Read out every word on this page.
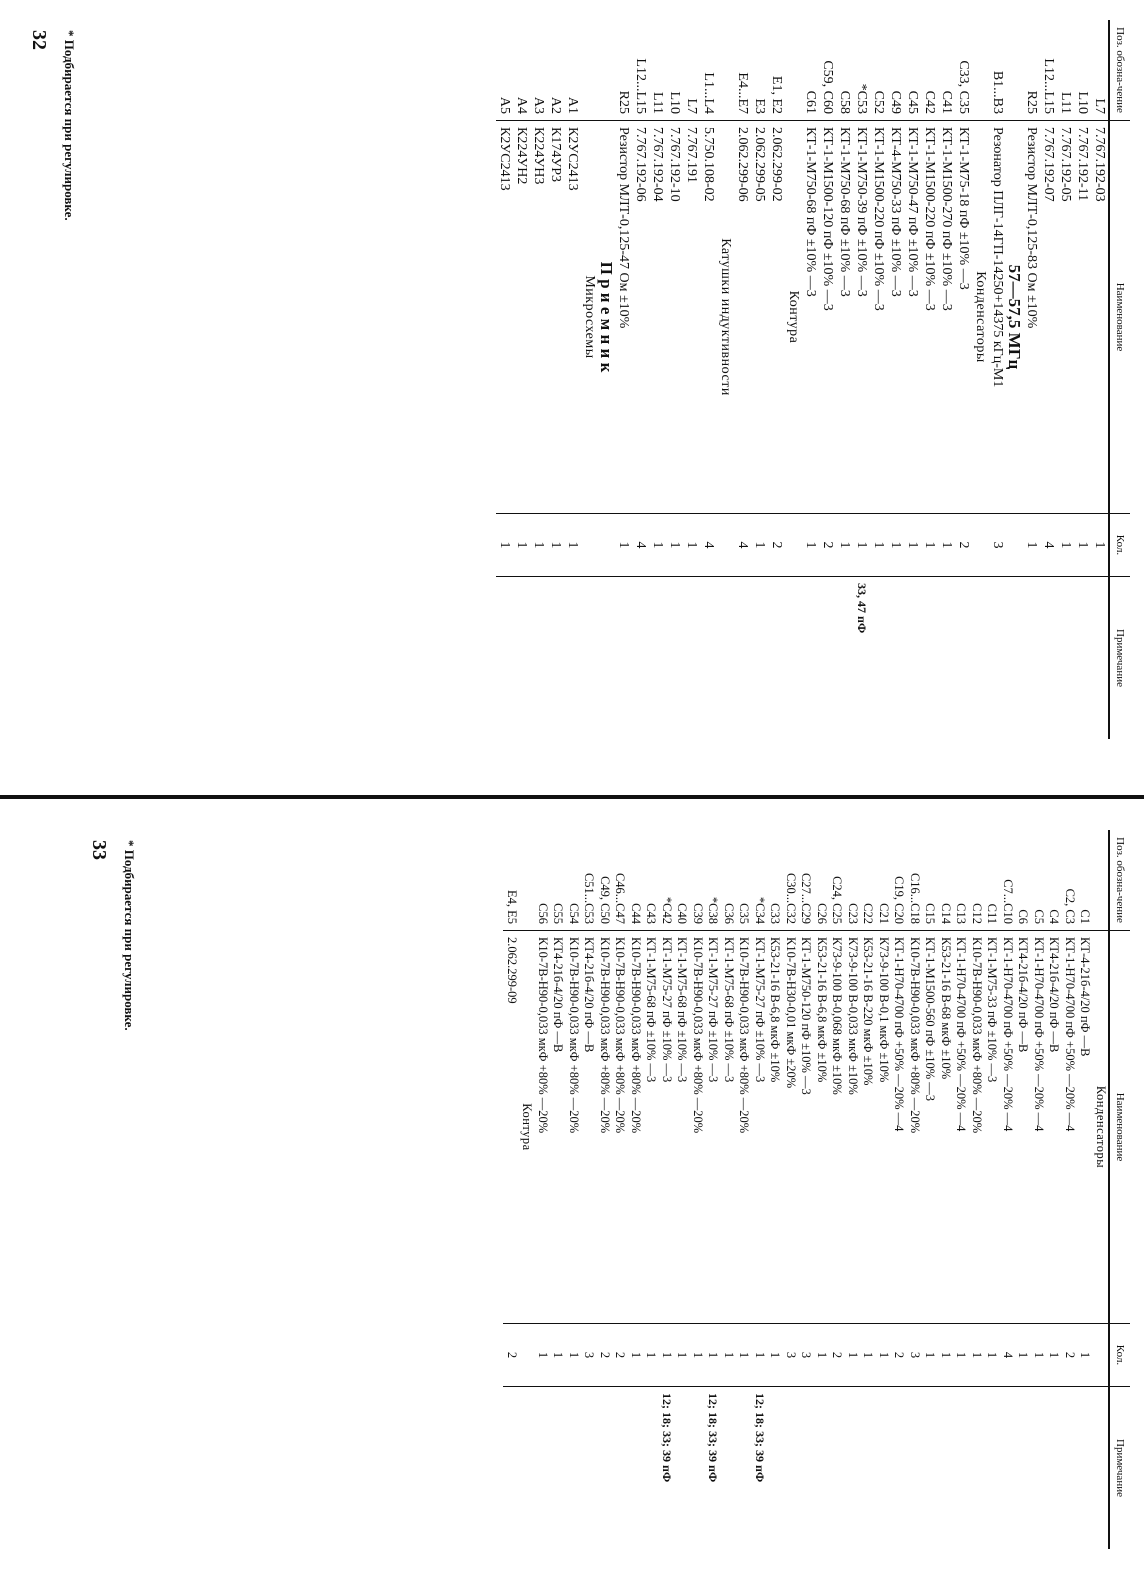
Поз. обозна-чение	Наименование	Кол.	Примечание
L7	7.767.192-03	1	
L10	7.767.192-11	1	
L11	7.767.192-05	1	
L12...L15	7.767.192-07	4	
R25	Резистор МЛТ-0,125-83 Ом ±10%	1	
	57—57,5 МГц		
B1...B3	Резонатор ПЛГ-14ГП-14250+14375 кГц-М1	3	
	Конденсаторы		
C33, C35	КТ-1-М75-18 пФ ±10% —3	2	
C41	КТ-1-М1500-270 пФ ±10% —3	1	
C42	КТ-1-М1500-220 пФ ±10% —3	1	
C45	КТ-1-М750-47 пФ ±10% —3	1	
C49	КТ-4-М750-33 пФ ±10% —3	1	
C52	КТ-1-М1500-220 пФ ±10% —3	1	
*C53	КТ-1-М750-39 пФ ±10% —3	1	33, 47 пФ
C58	КТ-1-М750-68 пФ ±10% —3	1	
C59, C60	КТ-1-М1500-120 пФ ±10% —3	2	
C61	КТ-1-М750-68 пФ ±10% —3	1	
	Контура		
E1, E2	2.062.299-02	2	
E3	2.062.299-05	1	
E4...E7	2.062.299-06	4	
	Катушки индуктивности		
L1...L4	5.750.108-02	4	
L7	7.767.191	1	
L10	7.767.192-10	1	
L11	7.767.192-04	1	
L12...L15	7.767.192-06	4	
R25	Резистор МЛТ-0,125-47 Ом ±10%	1	
	П р и е м н и к		
	Микросхемы		
A1	К2УС2413	1	
A2	К174УР3	1	
A3	К224УН3	1	
A4	К224УН2	1	
A5	К2УС2413	1	
* Подбирается при регулировке.
32
Поз. обозна-чение	Наименование	Кол.	Примечание
	Конденсаторы		
C1	КТ-4-21б-4/20 пФ —В	1	
C2, C3	КТ-1-Н70-4700 пФ +50% —20% —4	2	
C4	КТ4-21б-4/20 пФ —В	1	
C5	КТ-1-Н70-4700 пФ +50% —20% —4	1	
C6	КТ4-21б-4/20 пФ —В	1	
C7...C10	КТ-1-Н70-4700 пФ +50% —20% —4	4	
C11	КТ-1-М75-33 пФ ±10% —3	1	
C12	К10-7В-Н90-0,033 мкФ +80% —20%	1	
C13	КТ-1-Н70-4700 пФ +50% —20% —4	1	
C14	К53-21-16 В-68 мкФ ±10%	1	
C15	КТ-1-М1500-560 пФ ±10% —3	1	
C16...C18	К10-7В-Н90-0,033 мкФ +80% —20%	3	
C19, C20	КТ-1-Н70-4700 пФ +50% —20% —4	2	
C21	К73-9-100 В-0,1 мкФ ±10%	1	
C22	К53-21-16 В-220 мкФ ±10%	1	
C23	К73-9-100 В-0,033 мкФ ±10%	1	
C24, C25	К73-9-100 В-0,068 мкФ ±10%	2	
C26	К53-21-16 В-6,8 мкФ ±10%	1	
C27...C29	КТ-1-М750-120 пФ ±10% —3	3	
C30...C32	К10-7В-Н30-0,01 мкФ ±20%	3	
C33	К53-21-16 В-6,8 мкФ ±10%	1	
*C34	КТ-1-М75-27 пФ ±10% —3	1	12; 18; 33; 39 пФ
C35	К10-7В-Н90-0,033 мкФ +80% —20%	1	
C36	КТ-1-М75-68 пФ ±10% —3	1	
*C38	КТ-1-М75-27 пФ ±10% —3	1	12; 18; 33; 39 пФ
C39	К10-7В-Н90-0,033 мкФ +80% —20%	1	
C40	КТ-1-М75-68 пФ ±10% —3	1	
*C42	КТ-1-М75-27 пФ ±10% —3	1	12; 18; 33; 39 пФ
C43	КТ-1-М75-68 пФ ±10% —3	1	
C44	К10-7В-Н90-0,033 мкФ +80% —20%	1	
C46...C47	К10-7В-Н90-0,033 мкФ +80% —20%	2	
C49, C50	К10-7В-Н90-0,033 мкФ +80% —20%	2	
C51...C53	КТ4-21б-4/20 пФ —В	3	
C54	К10-7В-Н90-0,033 мкФ +80% —20%	1	
C55	КТ4-21б-4/20 пФ —В	1	
C56	К10-7В-Н90-0,033 мкФ +80% —20%	1	
	Контура		
E4, E5	2.062.299-09	2	
* Подбирается при регулировке.
33
